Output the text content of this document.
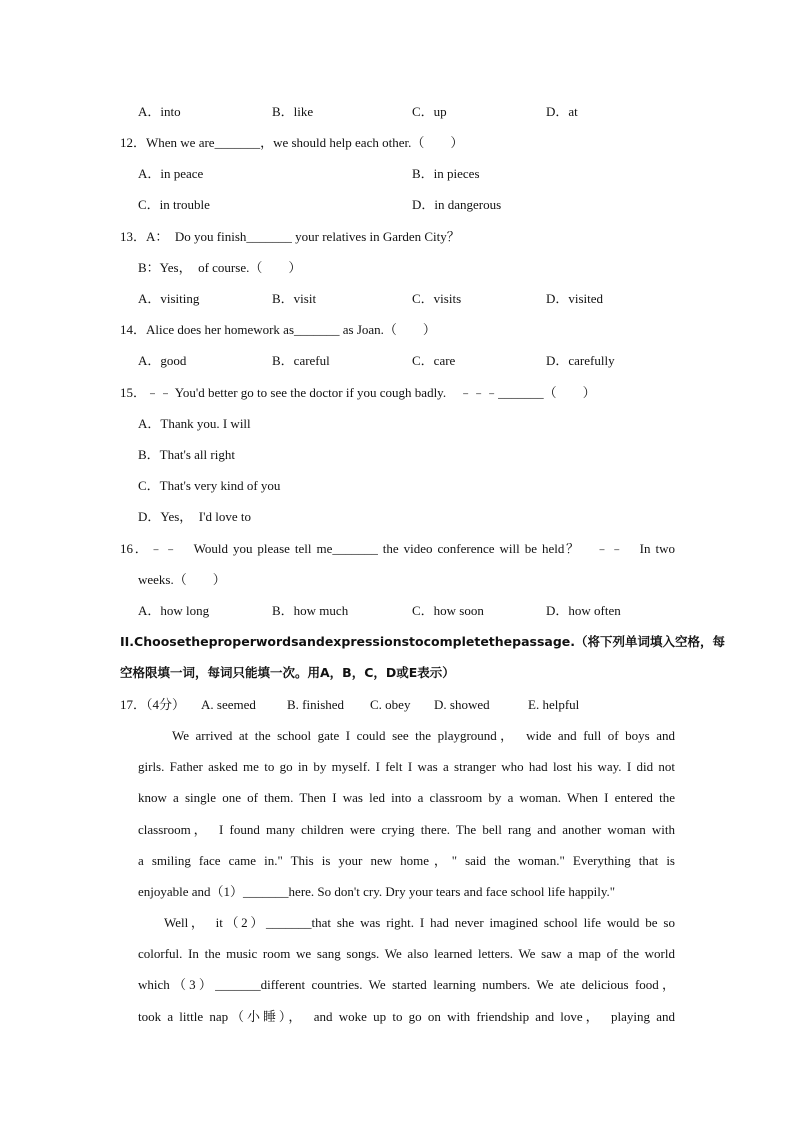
A．into	B．like	C．up	D．at
12．When we are_______，we should help each other.（　　）
A．in peace	B．in pieces
C．in trouble	D．in dangerous
13．A：　Do you finish_______ your relatives in Garden City？
B：Yes，　of course.（　　）
A．visiting	B．visit	C．visits	D．visited
14．Alice does her homework as_______ as Joan.（　　）
A．good	B．careful	C．care	D．carefully
15．﹣﹣ You'd better go to see the doctor if you cough badly.　﹣﹣﹣_______（　　）
A．Thank you. I will
B．That's all right
C．That's very kind of you
D．Yes，　I'd love to
16．﹣﹣　Would you please tell me_______ the video conference will be held？　﹣﹣　In two
weeks.（　　）
A．how long	B．how much	C．how soon	D．how often
II.Choosetheproperwordsandexpressionstocompletethepassage.（将下列单词填入空格，每
空格限填一词，每词只能填一次。用A，B，C，D或E表示）
17．（4分） A. seemed B. finished C. obey D. showed	E. helpful
We arrived at the school gate I could see the playground，　wide and full of boys and
girls. Father asked me to go in by myself. I felt I was a stranger who had lost his way. I did not
know a single one of them. Then I was led into a classroom by a woman. When I entered the
classroom，　I found many children were crying there. The bell rang and another woman with
a smiling face came in." This is your new home，" said the woman." Everything that is
enjoyable and（1）_______here. So don't cry. Dry your tears and face school life happily."
Well，　it（2）_______that she was right. I had never imagined school life would be so
colorful. In the music room we sang songs. We also learned letters. We saw a map of the world
which（3）_______different countries. We started learning numbers. We ate delicious food，
took a little nap（小睡），　and woke up to go on with friendship and love，　playing and
